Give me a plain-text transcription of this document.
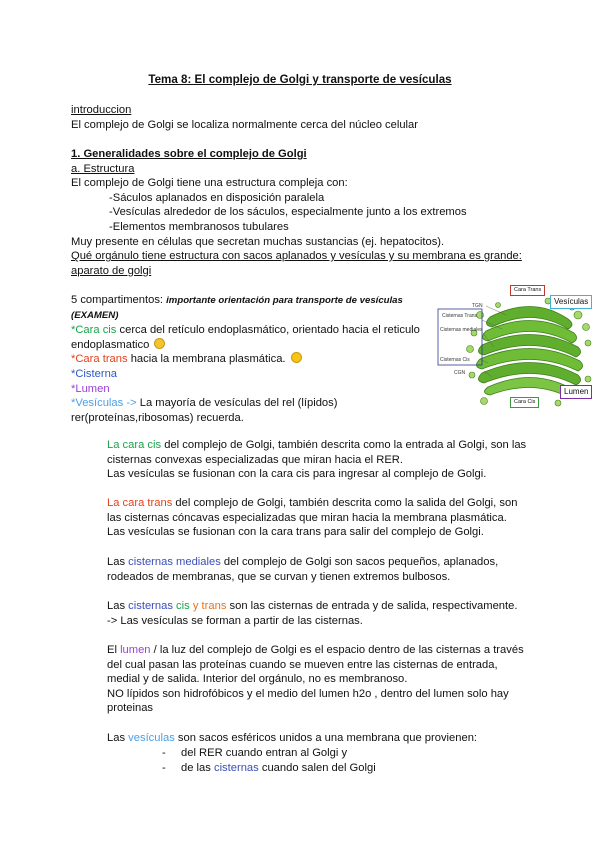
Tema 8: El complejo de Golgi y transporte de vesículas
introduccion
El complejo de Golgi se localiza normalmente cerca del núcleo celular
1. Generalidades sobre el complejo de Golgi
a. Estructura
El complejo de Golgi tiene una estructura compleja con:
-Sáculos aplanados en disposición paralela
-Vesículas alrededor de los sáculos, especialmente junto a los extremos
-Elementos membranosos tubulares
Muy presente en células que secretan muchas sustancias (ej. hepatocitos).
Qué orgánulo tiene estructura con sacos aplanados y vesículas y su membrana es grande:
aparato de golgi
5 compartimentos: importante orientación para transporte de vesículas
(EXAMEN)
*Cara cis cerca del retículo endoplasmático, orientado hacia el reticulo
endoplasmatico
*Cara trans hacia la membrana plasmática.
*Cisterna
*Lumen
*Vesículas -> La mayoría de vesículas del rel (lípidos)
rer(proteínas,ribosomas) recuerda.
TGN
Cisternas Trans
Cisternas mediales
Cisternas Cis
CGN
Cara Trans
Vesículas
Cara Cis
Lumen
La cara cis del complejo de Golgi, también descrita como la entrada al Golgi, son las
cisternas convexas especializadas que miran hacia el RER.
Las vesículas se fusionan con la cara cis para ingresar al complejo de Golgi.
La cara trans del complejo de Golgi, también descrita como la salida del Golgi, son
las cisternas cóncavas especializadas que miran hacia la membrana plasmática.
Las vesículas se fusionan con la cara trans para salir del complejo de Golgi.
Las cisternas mediales del complejo de Golgi son sacos pequeños, aplanados,
rodeados de membranas, que se curvan y tienen extremos bulbosos.
Las cisternas cis y trans son las cisternas de entrada y de salida, respectivamente.
-> Las vesículas se forman a partir de las cisternas.
El lumen / la luz del complejo de Golgi es el espacio dentro de las cisternas a través
del cual pasan las proteínas cuando se mueven entre las cisternas de entrada,
medial y de salida. Interior del orgánulo, no es membranoso.
NO lípidos son hidrofóbicos y el medio del lumen h2o , dentro del lumen solo hay
proteinas
Las vesículas son sacos esféricos unidos a una membrana que provienen:
- del RER cuando entran al Golgi y
- de las cisternas cuando salen del Golgi
